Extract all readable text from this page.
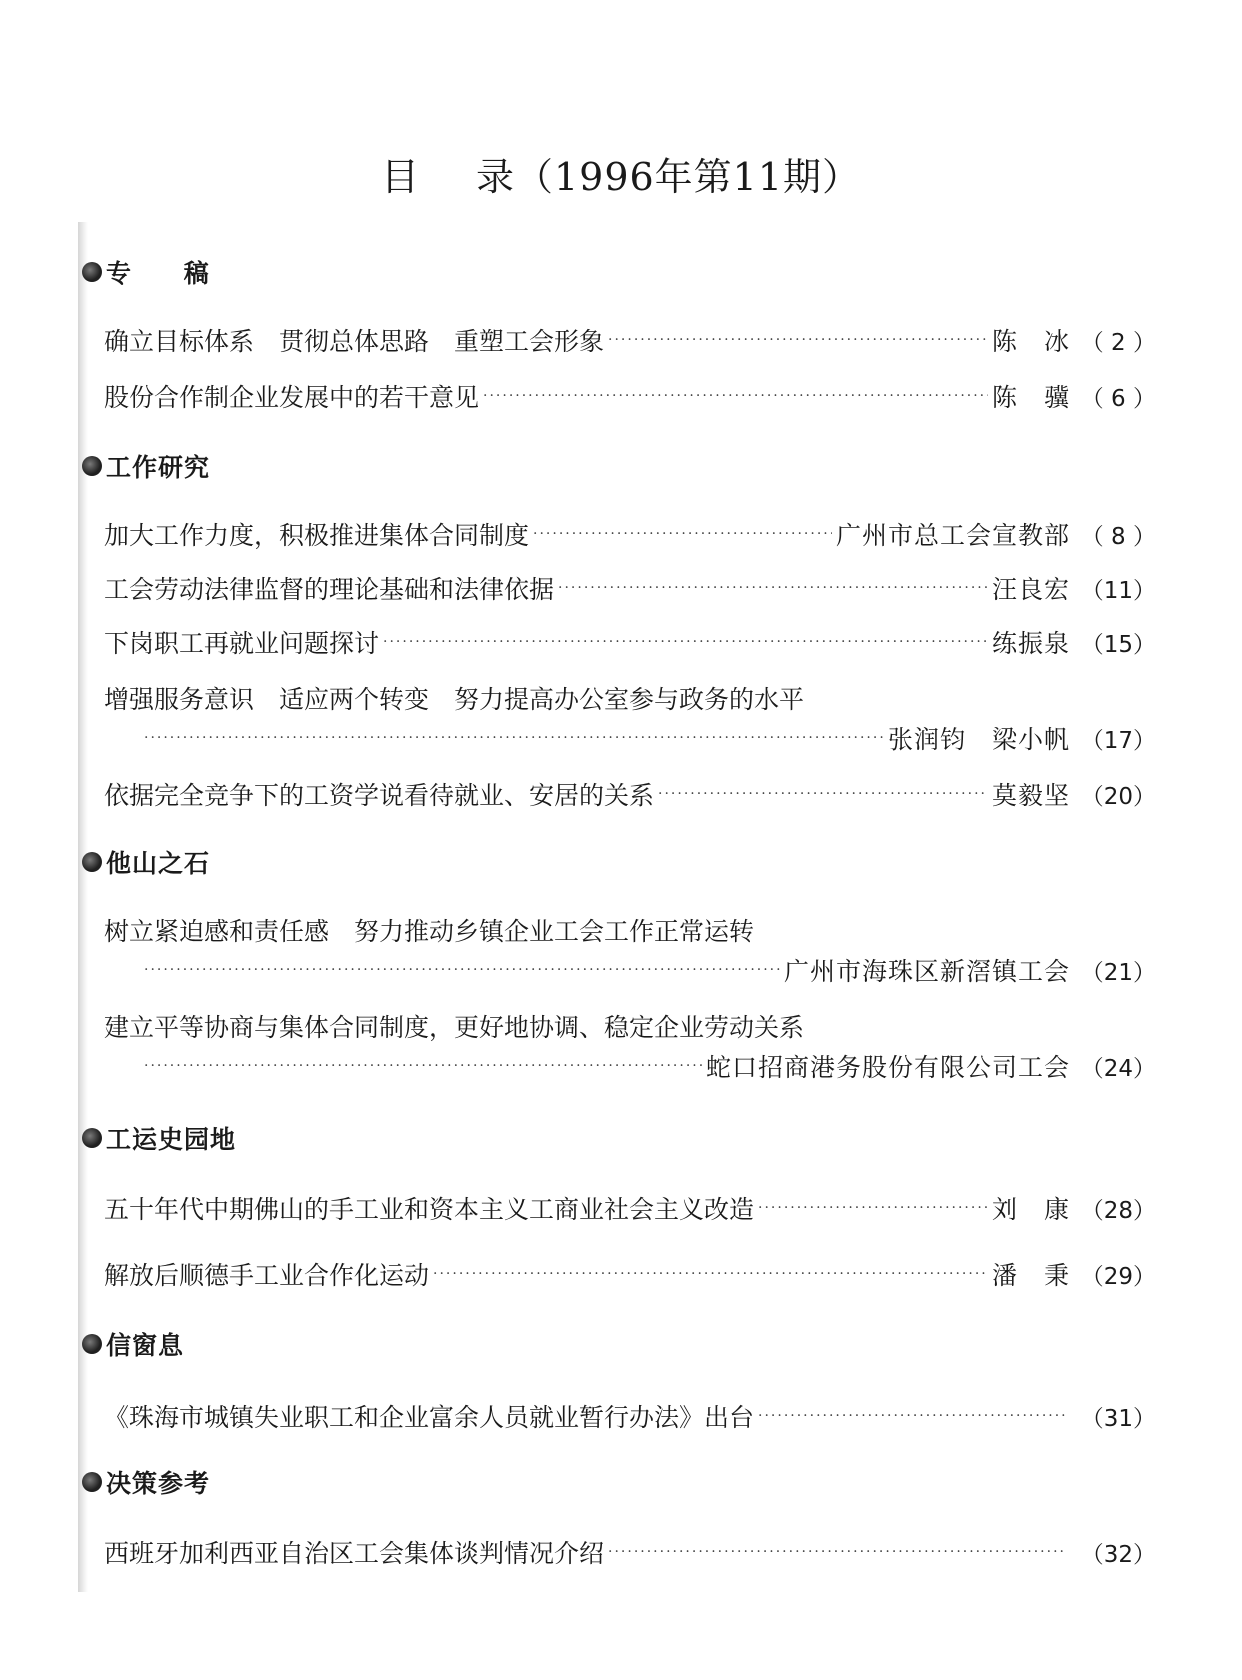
目 录（1996年第11期）
专 稿
确立目标体系　贯彻总体思路　重塑工会形象 ·····	陈　冰 （ 2 ）
股份合作制企业发展中的若干意见 ·····	陈　骥 （ 6 ）
工作研究
加大工作力度，积极推进集体合同制度 ·····	广州市总工会宣教部 （ 8 ）
工会劳动法律监督的理论基础和法律依据 ·····	汪良宏 （11）
下岗职工再就业问题探讨 ·····	练振泉 （15）
增强服务意识　适应两个转变　努力提高办公室参与政务的水平
·····
张润钧　梁小帆 （17）
依据完全竞争下的工资学说看待就业、安居的关系 ·····	莫毅坚 （20）
他山之石
树立紧迫感和责任感　努力推动乡镇企业工会工作正常运转
·····
广州市海珠区新滘镇工会 （21）
建立平等协商与集体合同制度，更好地协调、稳定企业劳动关系
·····
蛇口招商港务股份有限公司工会 （24）
工运史园地
五十年代中期佛山的手工业和资本主义工商业社会主义改造 ·····	刘　康 （28）
解放后顺德手工业合作化运动 ·····	潘　秉 （29）
信窗息
《珠海市城镇失业职工和企业富余人员就业暂行办法》出台 ·····	（31）
决策参考
西班牙加利西亚自治区工会集体谈判情况介绍 ·····	（32）
